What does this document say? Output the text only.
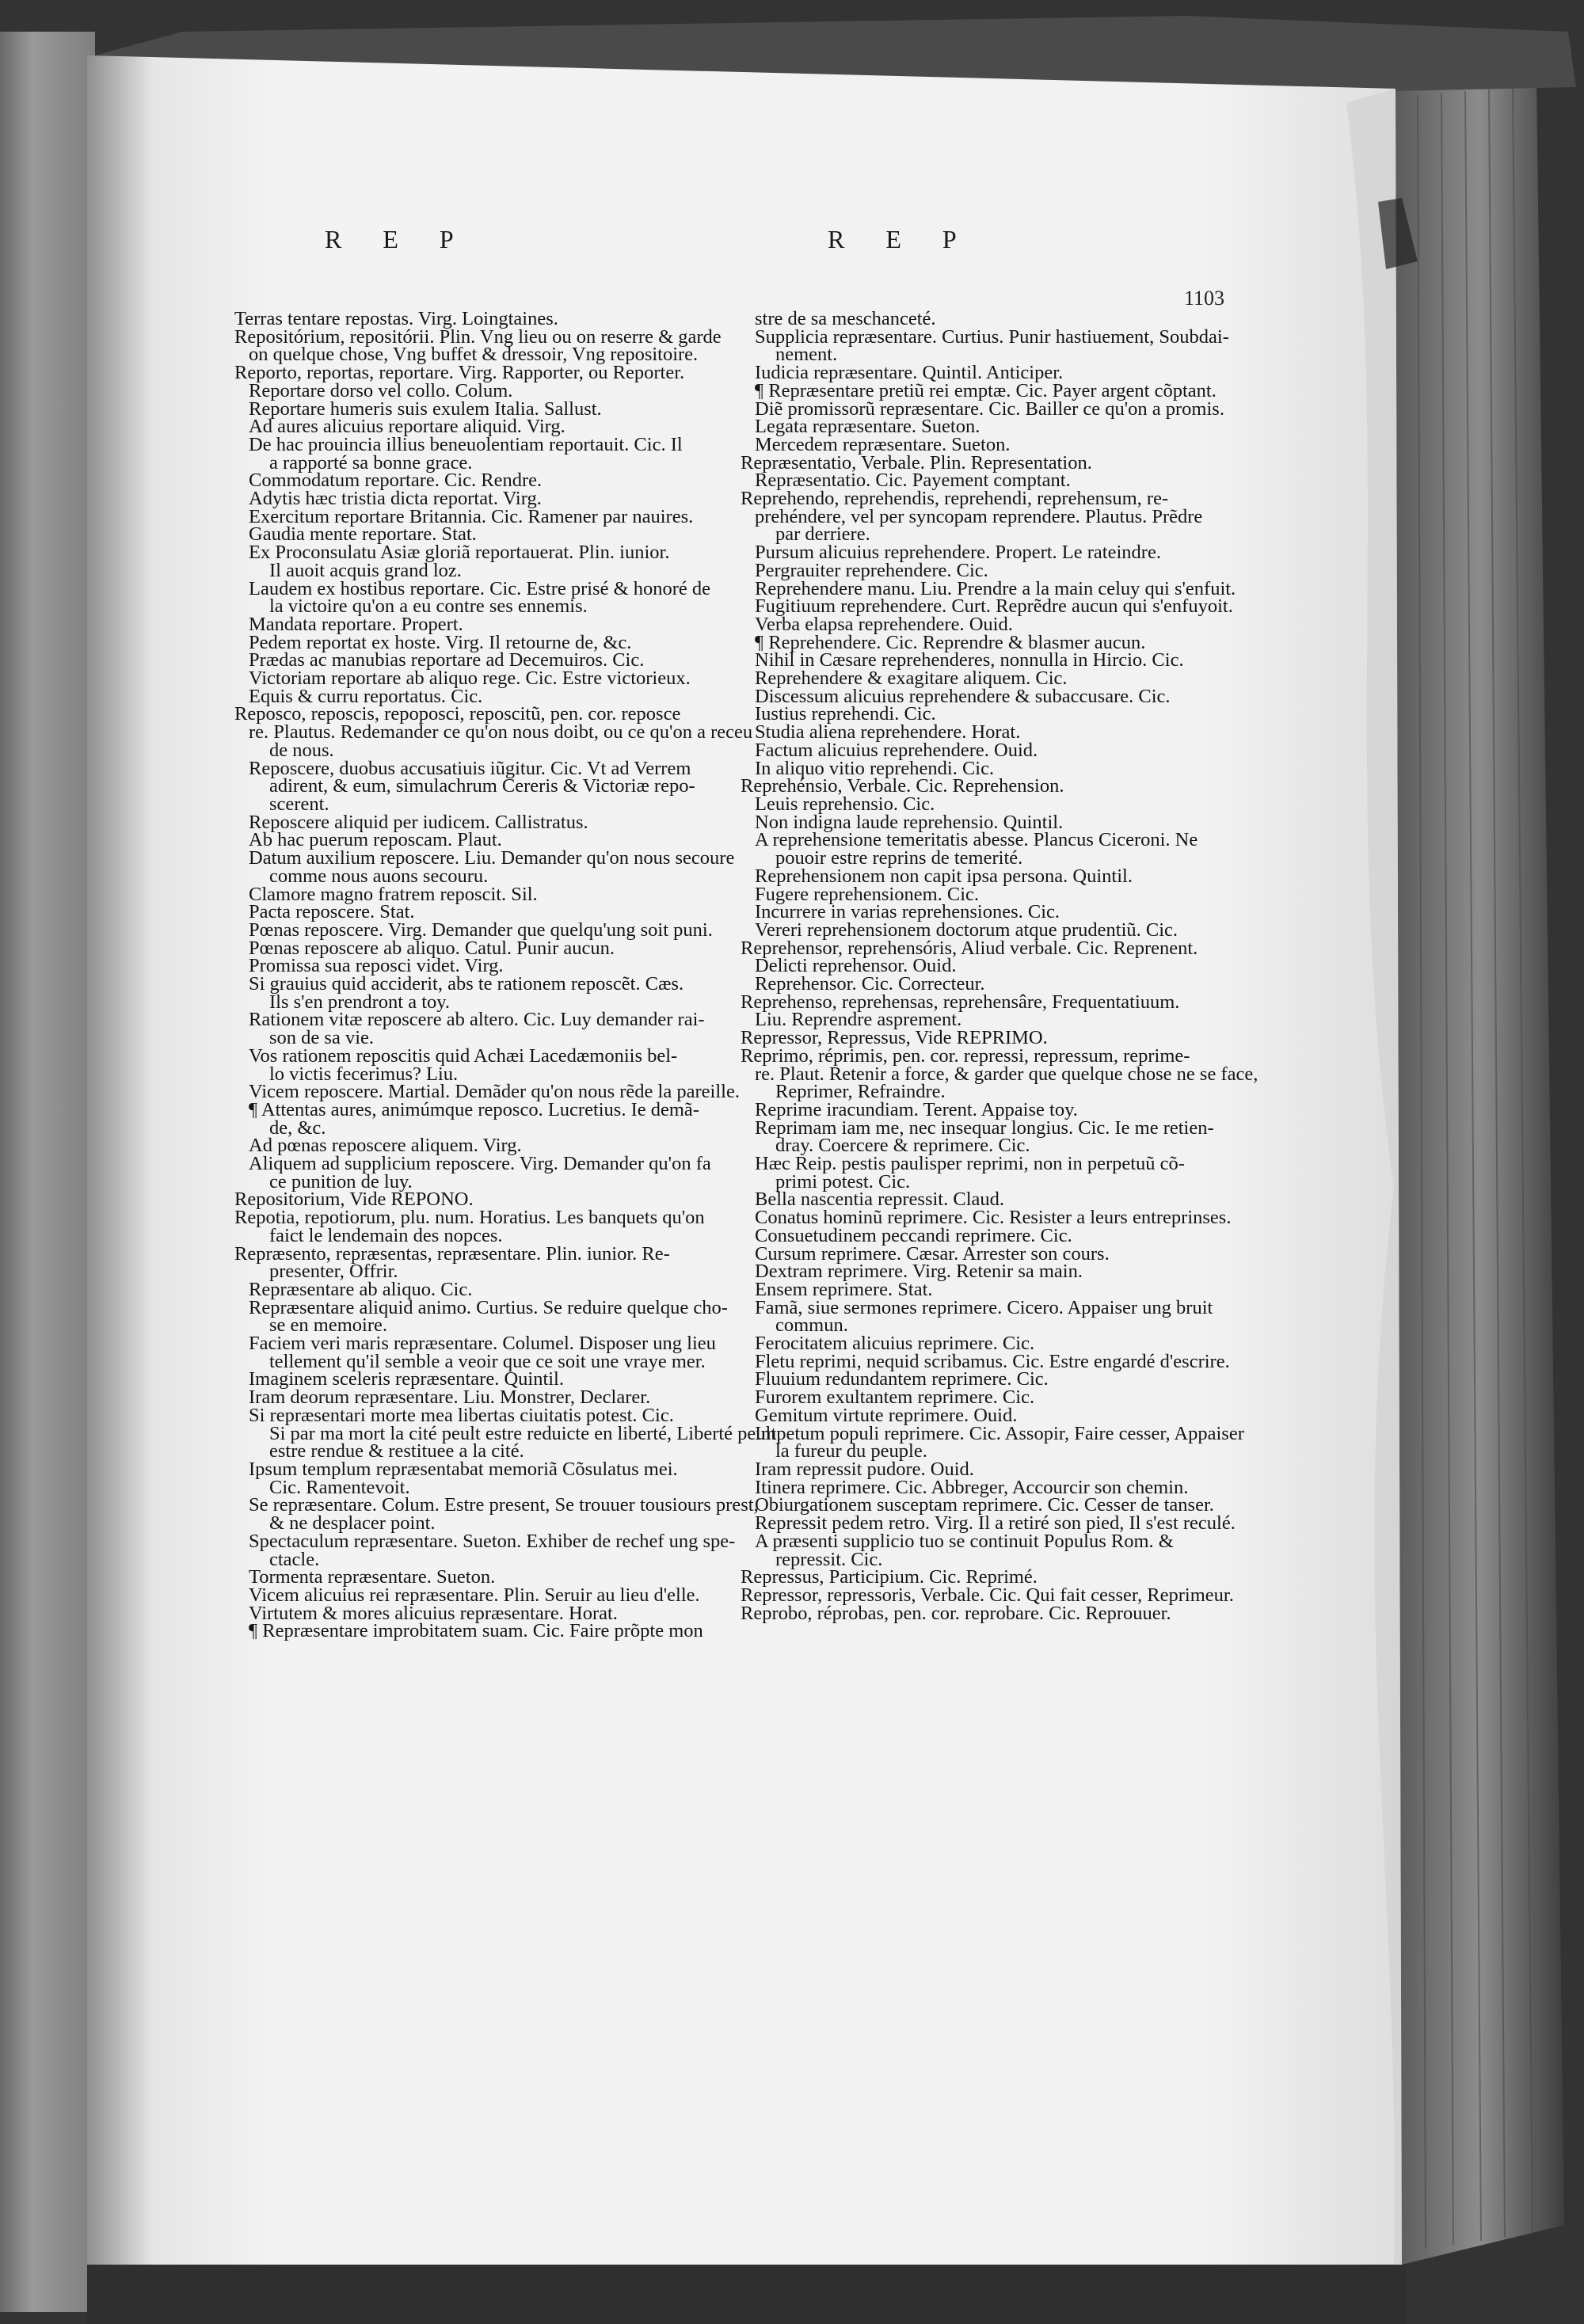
R E P	R E P
1103
Terras tentare repostas. Virg. Loingtaines.
Repositórium, repositórii. Plin. Vng lieu ou on reserre & garde
on quelque chose, Vng buffet & dressoir, Vng repositoire.
Reporto, reportas, reportare. Virg. Rapporter, ou Reporter.
Reportare dorso vel collo. Colum.
Reportare humeris suis exulem Italia. Sallust.
Ad aures alicuius reportare aliquid. Virg.
De hac prouincia illius beneuolentiam reportauit. Cic. Il
a rapporté sa bonne grace.
Commodatum reportare. Cic. Rendre.
Adytis hæc tristia dicta reportat. Virg.
Exercitum reportare Britannia. Cic. Ramener par nauires.
Gaudia mente reportare. Stat.
Ex Proconsulatu Asiæ gloriã reportauerat. Plin. iunior.
Il auoit acquis grand loz.
Laudem ex hostibus reportare. Cic. Estre prisé & honoré de
la victoire qu'on a eu contre ses ennemis.
Mandata reportare. Propert.
Pedem reportat ex hoste. Virg. Il retourne de, &c.
Prædas ac manubias reportare ad Decemuiros. Cic.
Victoriam reportare ab aliquo rege. Cic. Estre victorieux.
Equis & curru reportatus. Cic.
Reposco, reposcis, repoposci, reposcitũ, pen. cor. reposce
re. Plautus. Redemander ce qu'on nous doibt, ou ce qu'on a receu
de nous.
Reposcere, duobus accusatiuis iũgitur. Cic. Vt ad Verrem
adirent, & eum, simulachrum Cereris & Victoriæ repo-
scerent.
Reposcere aliquid per iudicem. Callistratus.
Ab hac puerum reposcam. Plaut.
Datum auxilium reposcere. Liu. Demander qu'on nous secoure
comme nous auons secouru.
Clamore magno fratrem reposcit. Sil.
Pacta reposcere. Stat.
Pœnas reposcere. Virg. Demander que quelqu'ung soit puni.
Pœnas reposcere ab aliquo. Catul. Punir aucun.
Promissa sua reposci videt. Virg.
Si grauius quid acciderit, abs te rationem reposcẽt. Cæs.
Ils s'en prendront a toy.
Rationem vitæ reposcere ab altero. Cic. Luy demander rai-
son de sa vie.
Vos rationem reposcitis quid Achæi Lacedæmoniis bel-
lo victis fecerimus? Liu.
Vicem reposcere. Martial. Demãder qu'on nous rẽde la pareille.
¶ Attentas aures, animúmque reposco. Lucretius. Ie demã-
de, &c.
Ad pœnas reposcere aliquem. Virg.
Aliquem ad supplicium reposcere. Virg. Demander qu'on fa
ce punition de luy.
Repositorium, Vide REPONO.
Repotia, repotiorum, plu. num. Horatius. Les banquets qu'on
faict le lendemain des nopces.
Repræsento, repræsentas, repræsentare. Plin. iunior. Re-
presenter, Offrir.
Repræsentare ab aliquo. Cic.
Repræsentare aliquid animo. Curtius. Se reduire quelque cho-
se en memoire.
Faciem veri maris repræsentare. Columel. Disposer ung lieu
tellement qu'il semble a veoir que ce soit une vraye mer.
Imaginem sceleris repræsentare. Quintil.
Iram deorum repræsentare. Liu. Monstrer, Declarer.
Si repræsentari morte mea libertas ciuitatis potest. Cic.
Si par ma mort la cité peult estre reduicte en liberté, Liberté peult
estre rendue & restituee a la cité.
Ipsum templum repræsentabat memoriã Cõsulatus mei.
Cic. Ramentevoit.
Se repræsentare. Colum. Estre present, Se trouuer tousiours prest,
& ne desplacer point.
Spectaculum repræsentare. Sueton. Exhiber de rechef ung spe-
ctacle.
Tormenta repræsentare. Sueton.
Vicem alicuius rei repræsentare. Plin. Seruir au lieu d'elle.
Virtutem & mores alicuius repræsentare. Horat.
¶ Repræsentare improbitatem suam. Cic. Faire prõpte mon
stre de sa meschanceté.
Supplicia repræsentare. Curtius. Punir hastiuement, Soubdai-
nement.
Iudicia repræsentare. Quintil. Anticiper.
¶ Repræsentare pretiũ rei emptæ. Cic. Payer argent cõptant.
Diẽ promissorũ repræsentare. Cic. Bailler ce qu'on a promis.
Legata repræsentare. Sueton.
Mercedem repræsentare. Sueton.
Repræsentatio, Verbale. Plin. Representation.
Repræsentatio. Cic. Payement comptant.
Reprehendo, reprehendis, reprehendi, reprehensum, re-
prehéndere, vel per syncopam reprendere. Plautus. Prẽdre
par derriere.
Pursum alicuius reprehendere. Propert. Le rateindre.
Pergrauiter reprehendere. Cic.
Reprehendere manu. Liu. Prendre a la main celuy qui s'enfuit.
Fugitiuum reprehendere. Curt. Reprẽdre aucun qui s'enfuyoit.
Verba elapsa reprehendere. Ouid.
¶ Reprehendere. Cic. Reprendre & blasmer aucun.
Nihil in Cæsare reprehenderes, nonnulla in Hircio. Cic.
Reprehendere & exagitare aliquem. Cic.
Discessum alicuius reprehendere & subaccusare. Cic.
Iustius reprehendi. Cic.
Studia aliena reprehendere. Horat.
Factum alicuius reprehendere. Ouid.
In aliquo vitio reprehendi. Cic.
Reprehénsio, Verbale. Cic. Reprehension.
Leuis reprehensio. Cic.
Non indigna laude reprehensio. Quintil.
A reprehensione temeritatis abesse. Plancus Ciceroni. Ne
pouoir estre reprins de temerité.
Reprehensionem non capit ipsa persona. Quintil.
Fugere reprehensionem. Cic.
Incurrere in varias reprehensiones. Cic.
Vereri reprehensionem doctorum atque prudentiũ. Cic.
Reprehensor, reprehensóris, Aliud verbale. Cic. Reprenent.
Delicti reprehensor. Ouid.
Reprehensor. Cic. Correcteur.
Reprehenso, reprehensas, reprehensâre, Frequentatiuum.
Liu. Reprendre asprement.
Repressor, Repressus, Vide REPRIMO.
Reprimo, réprimis, pen. cor. repressi, repressum, reprime-
re. Plaut. Retenir a force, & garder que quelque chose ne se face,
Reprimer, Refraindre.
Reprime iracundiam. Terent. Appaise toy.
Reprimam iam me, nec insequar longius. Cic. Ie me retien-
dray. Coercere & reprimere. Cic.
Hæc Reip. pestis paulisper reprimi, non in perpetuũ cõ-
primi potest. Cic.
Bella nascentia repressit. Claud.
Conatus hominũ reprimere. Cic. Resister a leurs entreprinses.
Consuetudinem peccandi reprimere. Cic.
Cursum reprimere. Cæsar. Arrester son cours.
Dextram reprimere. Virg. Retenir sa main.
Ensem reprimere. Stat.
Famã, siue sermones reprimere. Cicero. Appaiser ung bruit
commun.
Ferocitatem alicuius reprimere. Cic.
Fletu reprimi, nequid scribamus. Cic. Estre engardé d'escrire.
Fluuium redundantem reprimere. Cic.
Furorem exultantem reprimere. Cic.
Gemitum virtute reprimere. Ouid.
Impetum populi reprimere. Cic. Assopir, Faire cesser, Appaiser
la fureur du peuple.
Iram repressit pudore. Ouid.
Itinera reprimere. Cic. Abbreger, Accourcir son chemin.
Obiurgationem susceptam reprimere. Cic. Cesser de tanser.
Repressit pedem retro. Virg. Il a retiré son pied, Il s'est reculé.
A præsenti supplicio tuo se continuit Populus Rom. &
repressit. Cic.
Repressus, Participium. Cic. Reprimé.
Repressor, repressoris, Verbale. Cic. Qui fait cesser, Reprimeur.
Reprobo, réprobas, pen. cor. reprobare. Cic. Reprouuer.
